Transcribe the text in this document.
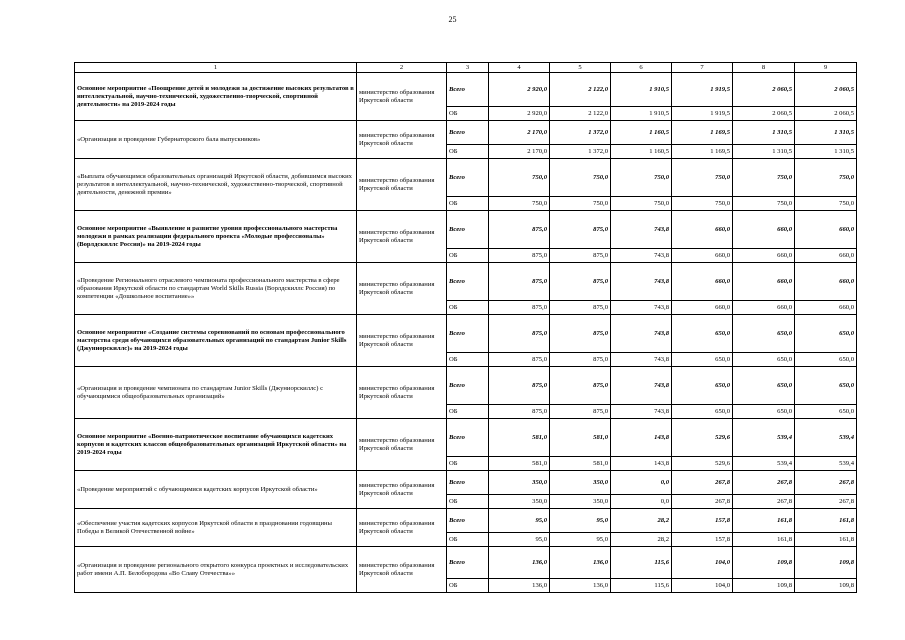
25
1	2	3	4	5	6	7	8	9
Основное мероприятие «Поощрение детей и молодежи за достижение высоких результатов в интеллектуальной, научно-технической, художественно-творческой, спортивной деятельности» на 2019-2024 годы	министерство образования Иркутской области	Всего	2 920,0	2 122,0	1 910,5	1 919,5	2 060,5	2 060,5
		ОБ	2 920,0	2 122,0	1 910,5	1 919,5	2 060,5	2 060,5
«Организация и проведение Губернаторского бала выпускников»	министерство образования Иркутской области	Всего	2 170,0	1 372,0	1 160,5	1 169,5	1 310,5	1 310,5
		ОБ	2 170,0	1 372,0	1 160,5	1 169,5	1 310,5	1 310,5
«Выплата обучающимся образовательных организаций Иркутской области, добившимся высоких результатов в интеллектуальной, научно-технической, художественно-творческой, спортивной деятельности, денежной премии»	министерство образования Иркутской области	Всего	750,0	750,0	750,0	750,0	750,0	750,0
		ОБ	750,0	750,0	750,0	750,0	750,0	750,0
Основное мероприятие «Выявление и развитие уровня профессионального мастерства молодежи в рамках реализации федерального проекта «Молодые профессионалы» (Ворлдскиллс Россия)» на 2019-2024 годы	министерство образования Иркутской области	Всего	875,0	875,0	743,8	660,0	660,0	660,0
		ОБ	875,0	875,0	743,8	660,0	660,0	660,0
«Проведение Регионального отраслевого чемпионата профессионального мастерства в сфере образования Иркутской области по стандартам World Skills Russia (Ворлдскиллс Россия) по компетенции «Дошкольное воспитание»»	министерство образования Иркутской области	Всего	875,0	875,0	743,8	660,0	660,0	660,0
		ОБ	875,0	875,0	743,8	660,0	660,0	660,0
Основное мероприятие «Создание системы соревнований по основам профессионального мастерства среди обучающихся образовательных организаций по стандартам Junior Skills (Джуниорскиллс)» на 2019-2024 годы	министерство образования Иркутской области	Всего	875,0	875,0	743,8	650,0	650,0	650,0
		ОБ	875,0	875,0	743,8	650,0	650,0	650,0
«Организация и проведение чемпионата по стандартам Junior Skills (Джуниорскиллс) с обучающимися общеобразовательных организаций»	министерство образования Иркутской области	Всего	875,0	875,0	743,8	650,0	650,0	650,0
		ОБ	875,0	875,0	743,8	650,0	650,0	650,0
Основное мероприятие «Военно-патриотическое воспитание обучающихся кадетских корпусов и кадетских классов общеобразовательных организаций Иркутской области» на 2019-2024 годы	министерство образования Иркутской области	Всего	581,0	581,0	143,8	529,6	539,4	539,4
		ОБ	581,0	581,0	143,8	529,6	539,4	539,4
«Проведение мероприятий с обучающимися кадетских корпусов Иркутской области»	министерство образования Иркутской области	Всего	350,0	350,0	0,0	267,8	267,8	267,8
		ОБ	350,0	350,0	0,0	267,8	267,8	267,8
«Обеспечение участия кадетских корпусов Иркутской области в праздновании годовщины Победы в Великой Отечественной войне»	министерство образования Иркутской области	Всего	95,0	95,0	28,2	157,8	161,8	161,8
		ОБ	95,0	95,0	28,2	157,8	161,8	161,8
«Организация и проведение регионального открытого конкурса проектных и исследовательских работ имени А.П. Белобородова «Во Славу Отечества»»	министерство образования Иркутской области	Всего	136,0	136,0	115,6	104,0	109,8	109,8
		ОБ	136,0	136,0	115,6	104,0	109,8	109,8
